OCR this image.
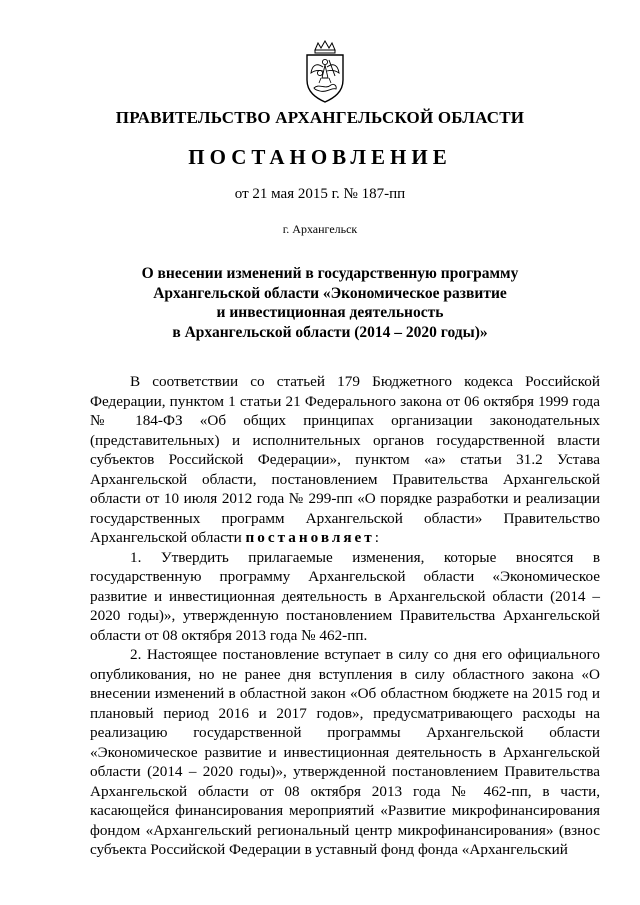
ПРАВИТЕЛЬСТВО АРХАНГЕЛЬСКОЙ ОБЛАСТИ
ПОСТАНОВЛЕНИЕ
от 21 мая 2015 г. № 187-пп
г. Архангельск
О внесении изменений в государственную программу
Архангельской области «Экономическое развитие
и инвестиционная деятельность
в Архангельской области (2014 – 2020 годы)»

В соответствии со статьей 179 Бюджетного кодекса Российской Федерации, пунктом 1 статьи 21 Федерального закона от 06 октября 1999 года № 184-ФЗ «Об общих принципах организации законодательных (представительных) и исполнительных органов государственной власти субъектов Российской Федерации», пунктом «а» статьи 31.2 Устава Архангельской области, постановлением Правительства Архангельской области от 10 июля 2012 года № 299-пп «О порядке разработки и реализации государственных программ Архангельской области» Правительство Архангельской области постановляет:

1. Утвердить прилагаемые изменения, которые вносятся в государственную программу Архангельской области «Экономическое развитие и инвестиционная деятельность в Архангельской области (2014 – 2020 годы)», утвержденную постановлением Правительства Архангельской области от 08 октября 2013 года № 462-пп.

2. Настоящее постановление вступает в силу со дня его официального опубликования, но не ранее дня вступления в силу областного закона «О внесении изменений в областной закон «Об областном бюджете на 2015 год и плановый период 2016 и 2017 годов», предусматривающего расходы на реализацию государственной программы Архангельской области «Экономическое развитие и инвестиционная деятельность в Архангельской области (2014 – 2020 годы)», утвержденной постановлением Правительства Архангельской области от 08 октября 2013 года № 462-пп, в части, касающейся финансирования мероприятий «Развитие микрофинансирования фондом «Архангельский региональный центр микрофинансирования» (взнос субъекта Российской Федерации в уставный фонд фонда «Архангельский
